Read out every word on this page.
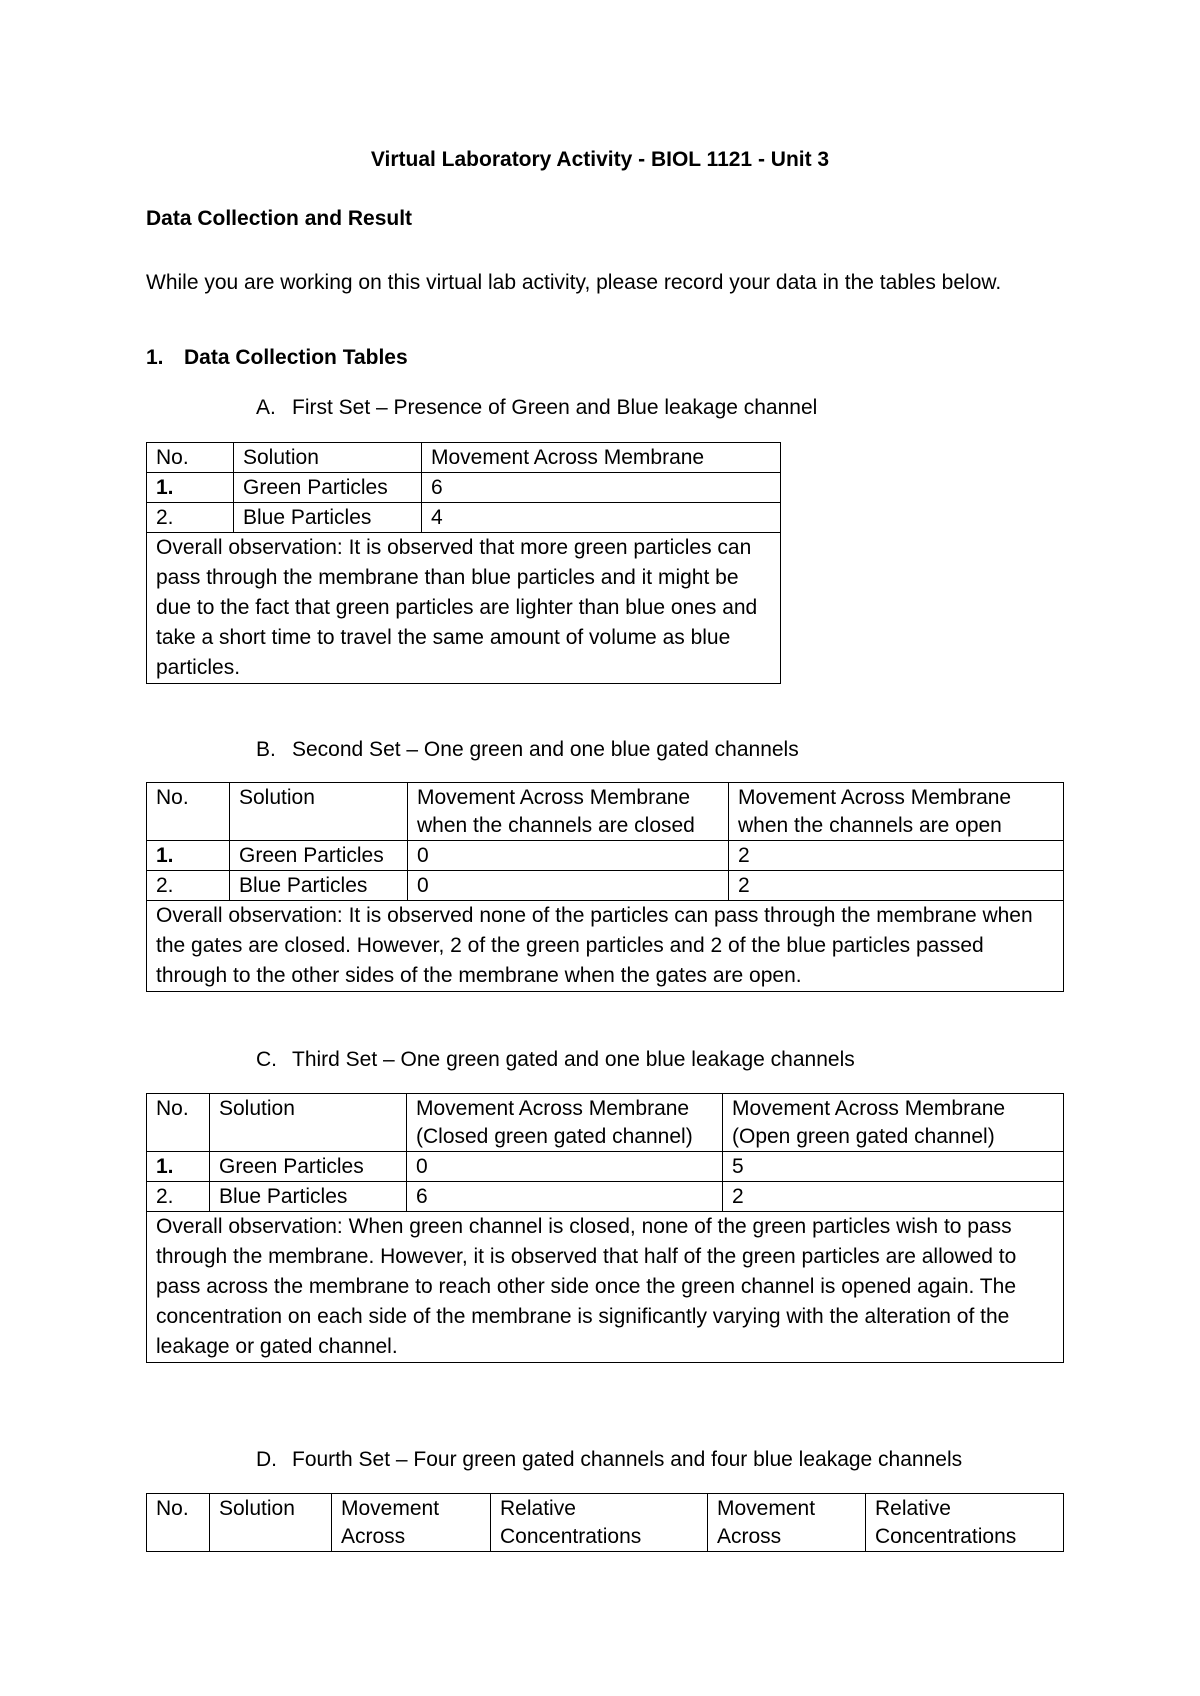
Virtual Laboratory Activity - BIOL 1121 - Unit 3
Data Collection and Result
While you are working on this virtual lab activity, please record your data in the tables below.
1. Data Collection Tables
A. First Set – Presence of Green and Blue leakage channel
No.	Solution	Movement Across Membrane
1.	Green Particles	6
2.	Blue Particles	4
Overall observation: It is observed that more green particles can pass through the membrane than blue particles and it might be due to the fact that green particles are lighter than blue ones and take a short time to travel the same amount of volume as blue particles.		
B. Second Set – One green and one blue gated channels
No.	Solution	Movement Across Membrane when the channels are closed	Movement Across Membrane when the channels are open
1.	Green Particles	0	2
2.	Blue Particles	0	2
Overall observation: It is observed none of the particles can pass through the membrane when the gates are closed. However, 2 of the green particles and 2 of the blue particles passed through to the other sides of the membrane when the gates are open.			
C. Third Set – One green gated and one blue leakage channels
No.	Solution	Movement Across Membrane (Closed green gated channel)	Movement Across Membrane (Open green gated channel)
1.	Green Particles	0	5
2.	Blue Particles	6	2
Overall observation: When green channel is closed, none of the green particles wish to pass through the membrane. However, it is observed that half of the green particles are allowed to pass across the membrane to reach other side once the green channel is opened again. The concentration on each side of the membrane is significantly varying with the alteration of the leakage or gated channel.			
D. Fourth Set – Four green gated channels and four blue leakage channels
No.	Solution	Movement Across	Relative Concentrations	Movement Across	Relative Concentrations
